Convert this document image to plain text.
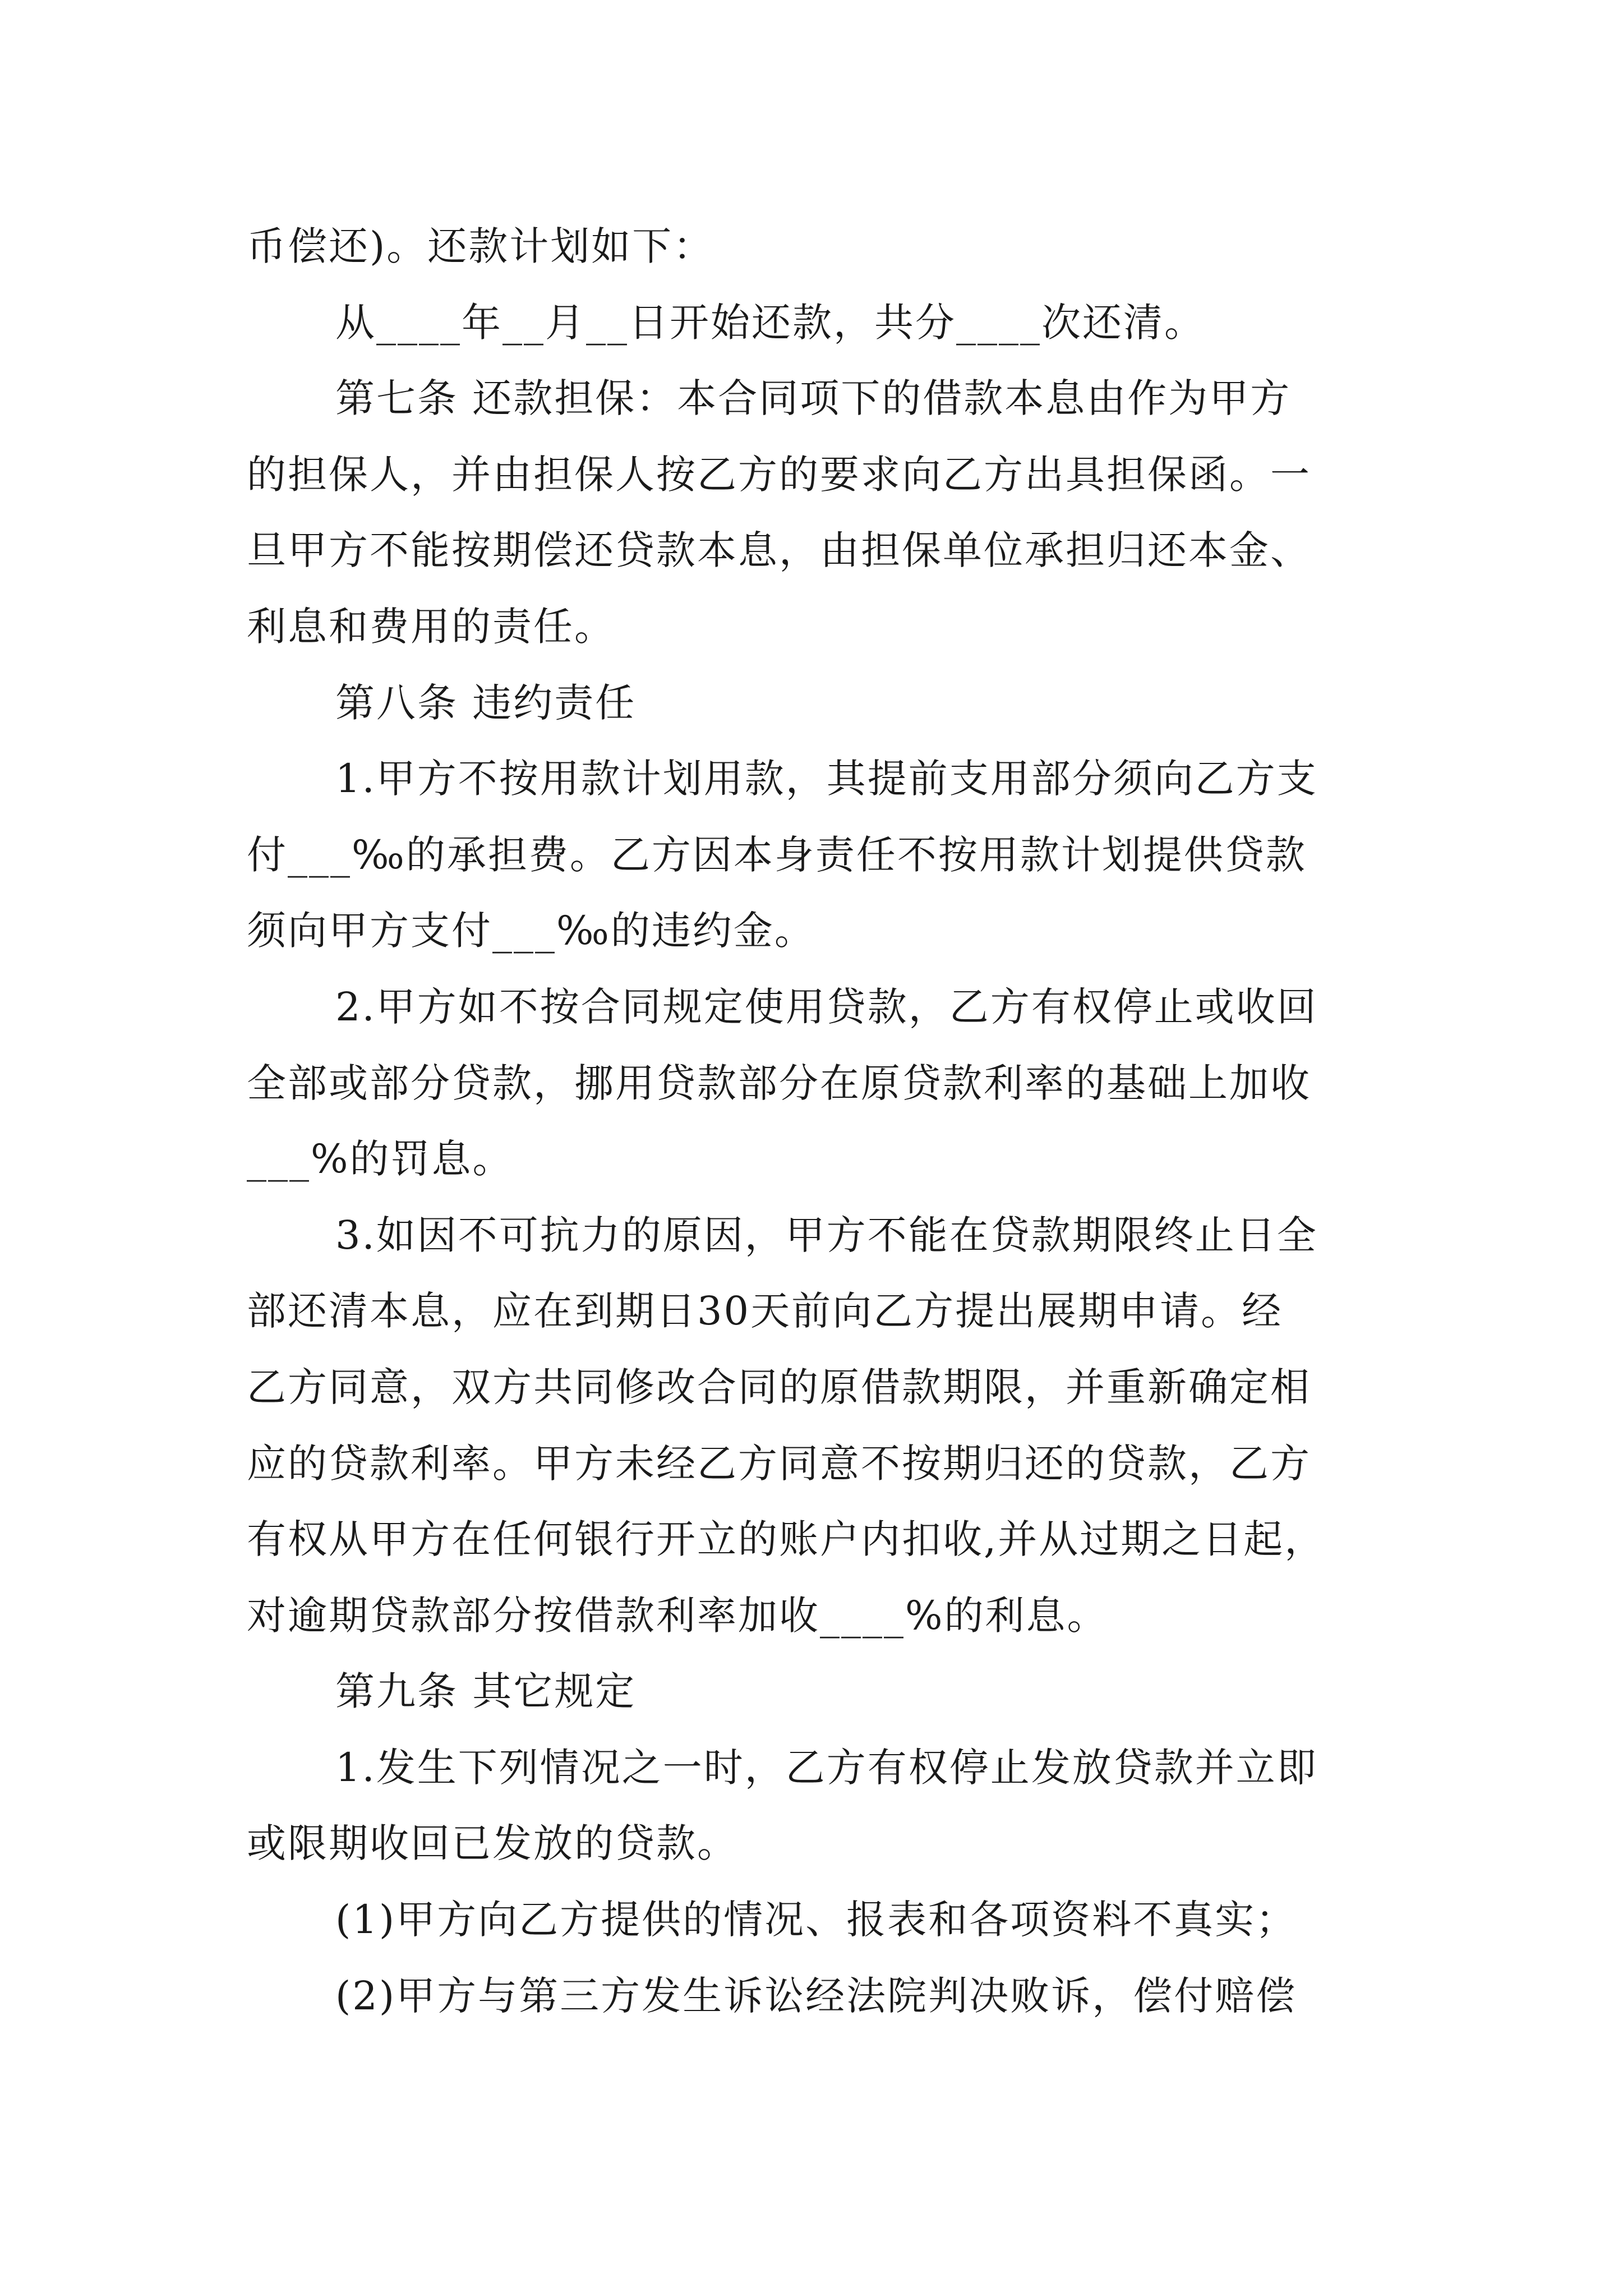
币偿还)。还款计划如下：
从____年__月__日开始还款，共分____次还清。
第七条 还款担保：本合同项下的借款本息由作为甲方
的担保人，并由担保人按乙方的要求向乙方出具担保函。一
旦甲方不能按期偿还贷款本息，由担保单位承担归还本金、
利息和费用的责任。
第八条 违约责任
1.甲方不按用款计划用款，其提前支用部分须向乙方支
付___‰的承担费。乙方因本身责任不按用款计划提供贷款
须向甲方支付___‰的违约金。
2.甲方如不按合同规定使用贷款，乙方有权停止或收回
全部或部分贷款，挪用贷款部分在原贷款利率的基础上加收
___%的罚息。
3.如因不可抗力的原因，甲方不能在贷款期限终止日全
部还清本息，应在到期日30天前向乙方提出展期申请。经
乙方同意，双方共同修改合同的原借款期限，并重新确定相
应的贷款利率。甲方未经乙方同意不按期归还的贷款，乙方
有权从甲方在任何银行开立的账户内扣收,并从过期之日起，
对逾期贷款部分按借款利率加收____%的利息。
第九条 其它规定
1.发生下列情况之一时，乙方有权停止发放贷款并立即
或限期收回已发放的贷款。
(1)甲方向乙方提供的情况、报表和各项资料不真实；
(2)甲方与第三方发生诉讼经法院判决败诉，偿付赔偿
